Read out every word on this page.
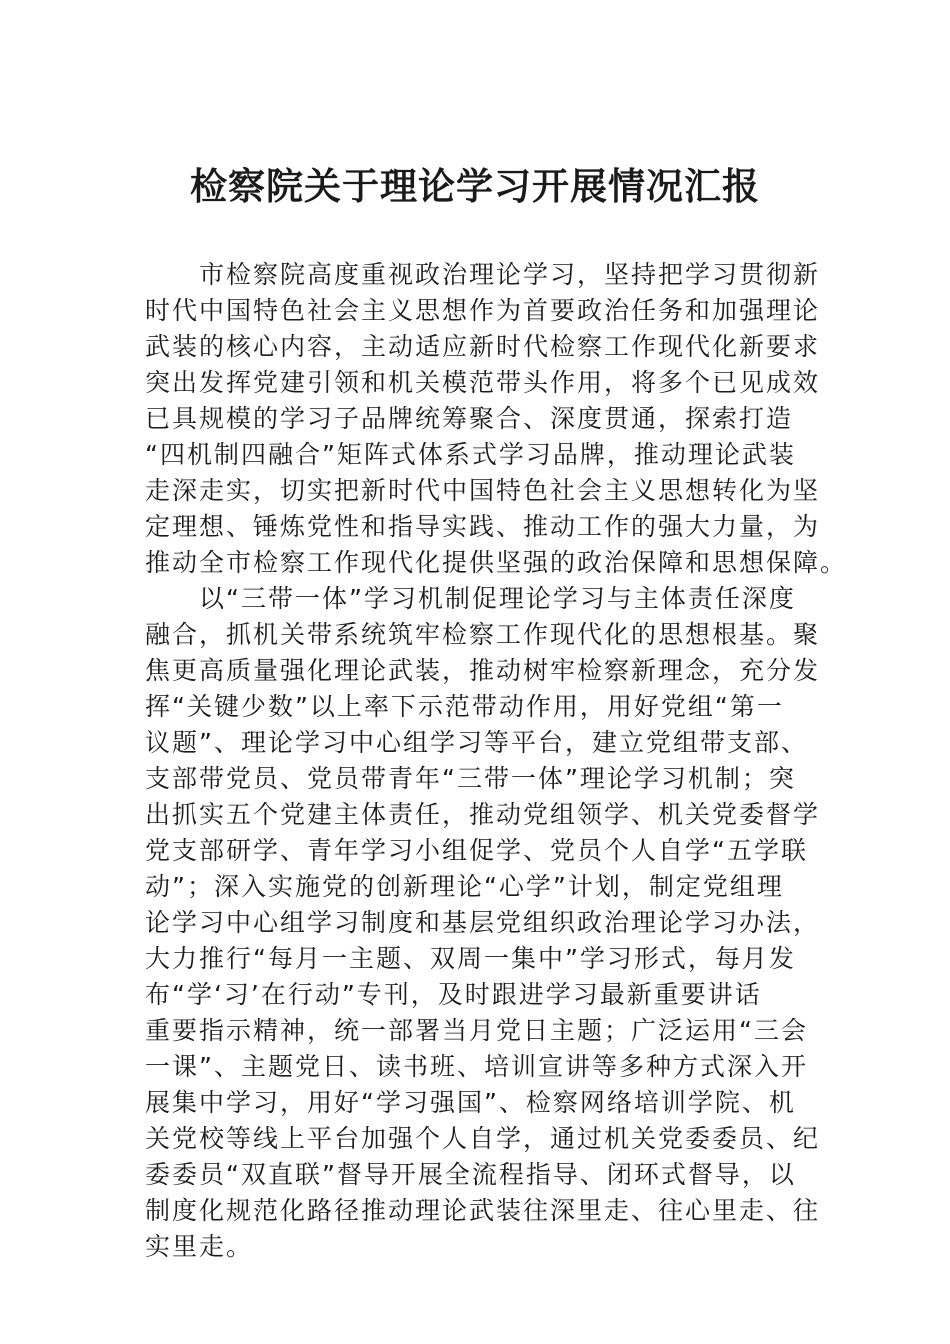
检察院关于理论学习开展情况汇报

市检察院高度重视政治理论学习，坚持把学习贯彻新
时代中国特色社会主义思想作为首要政治任务和加强理论
武装的核心内容，主动适应新时代检察工作现代化新要求
突出发挥党建引领和机关模范带头作用，将多个已见成效
已具规模的学习子品牌统筹聚合、深度贯通，探索打造
“四机制四融合”矩阵式体系式学习品牌，推动理论武装
走深走实，切实把新时代中国特色社会主义思想转化为坚
定理想、锤炼党性和指导实践、推动工作的强大力量，为
推动全市检察工作现代化提供坚强的政治保障和思想保障。

以“三带一体”学习机制促理论学习与主体责任深度
融合，抓机关带系统筑牢检察工作现代化的思想根基。聚
焦更高质量强化理论武装，推动树牢检察新理念，充分发
挥“关键少数”以上率下示范带动作用，用好党组“第一
议题”、理论学习中心组学习等平台，建立党组带支部、
支部带党员、党员带青年“三带一体”理论学习机制；突
出抓实五个党建主体责任，推动党组领学、机关党委督学
党支部研学、青年学习小组促学、党员个人自学“五学联
动”；深入实施党的创新理论“心学”计划，制定党组理
论学习中心组学习制度和基层党组织政治理论学习办法，
大力推行“每月一主题、双周一集中”学习形式，每月发
布“学‘习’在行动”专刊，及时跟进学习最新重要讲话
重要指示精神，统一部署当月党日主题；广泛运用“三会
一课”、主题党日、读书班、培训宣讲等多种方式深入开
展集中学习，用好“学习强国”、检察网络培训学院、机
关党校等线上平台加强个人自学，通过机关党委委员、纪
委委员“双直联”督导开展全流程指导、闭环式督导，以
制度化规范化路径推动理论武装往深里走、往心里走、往
实里走。
